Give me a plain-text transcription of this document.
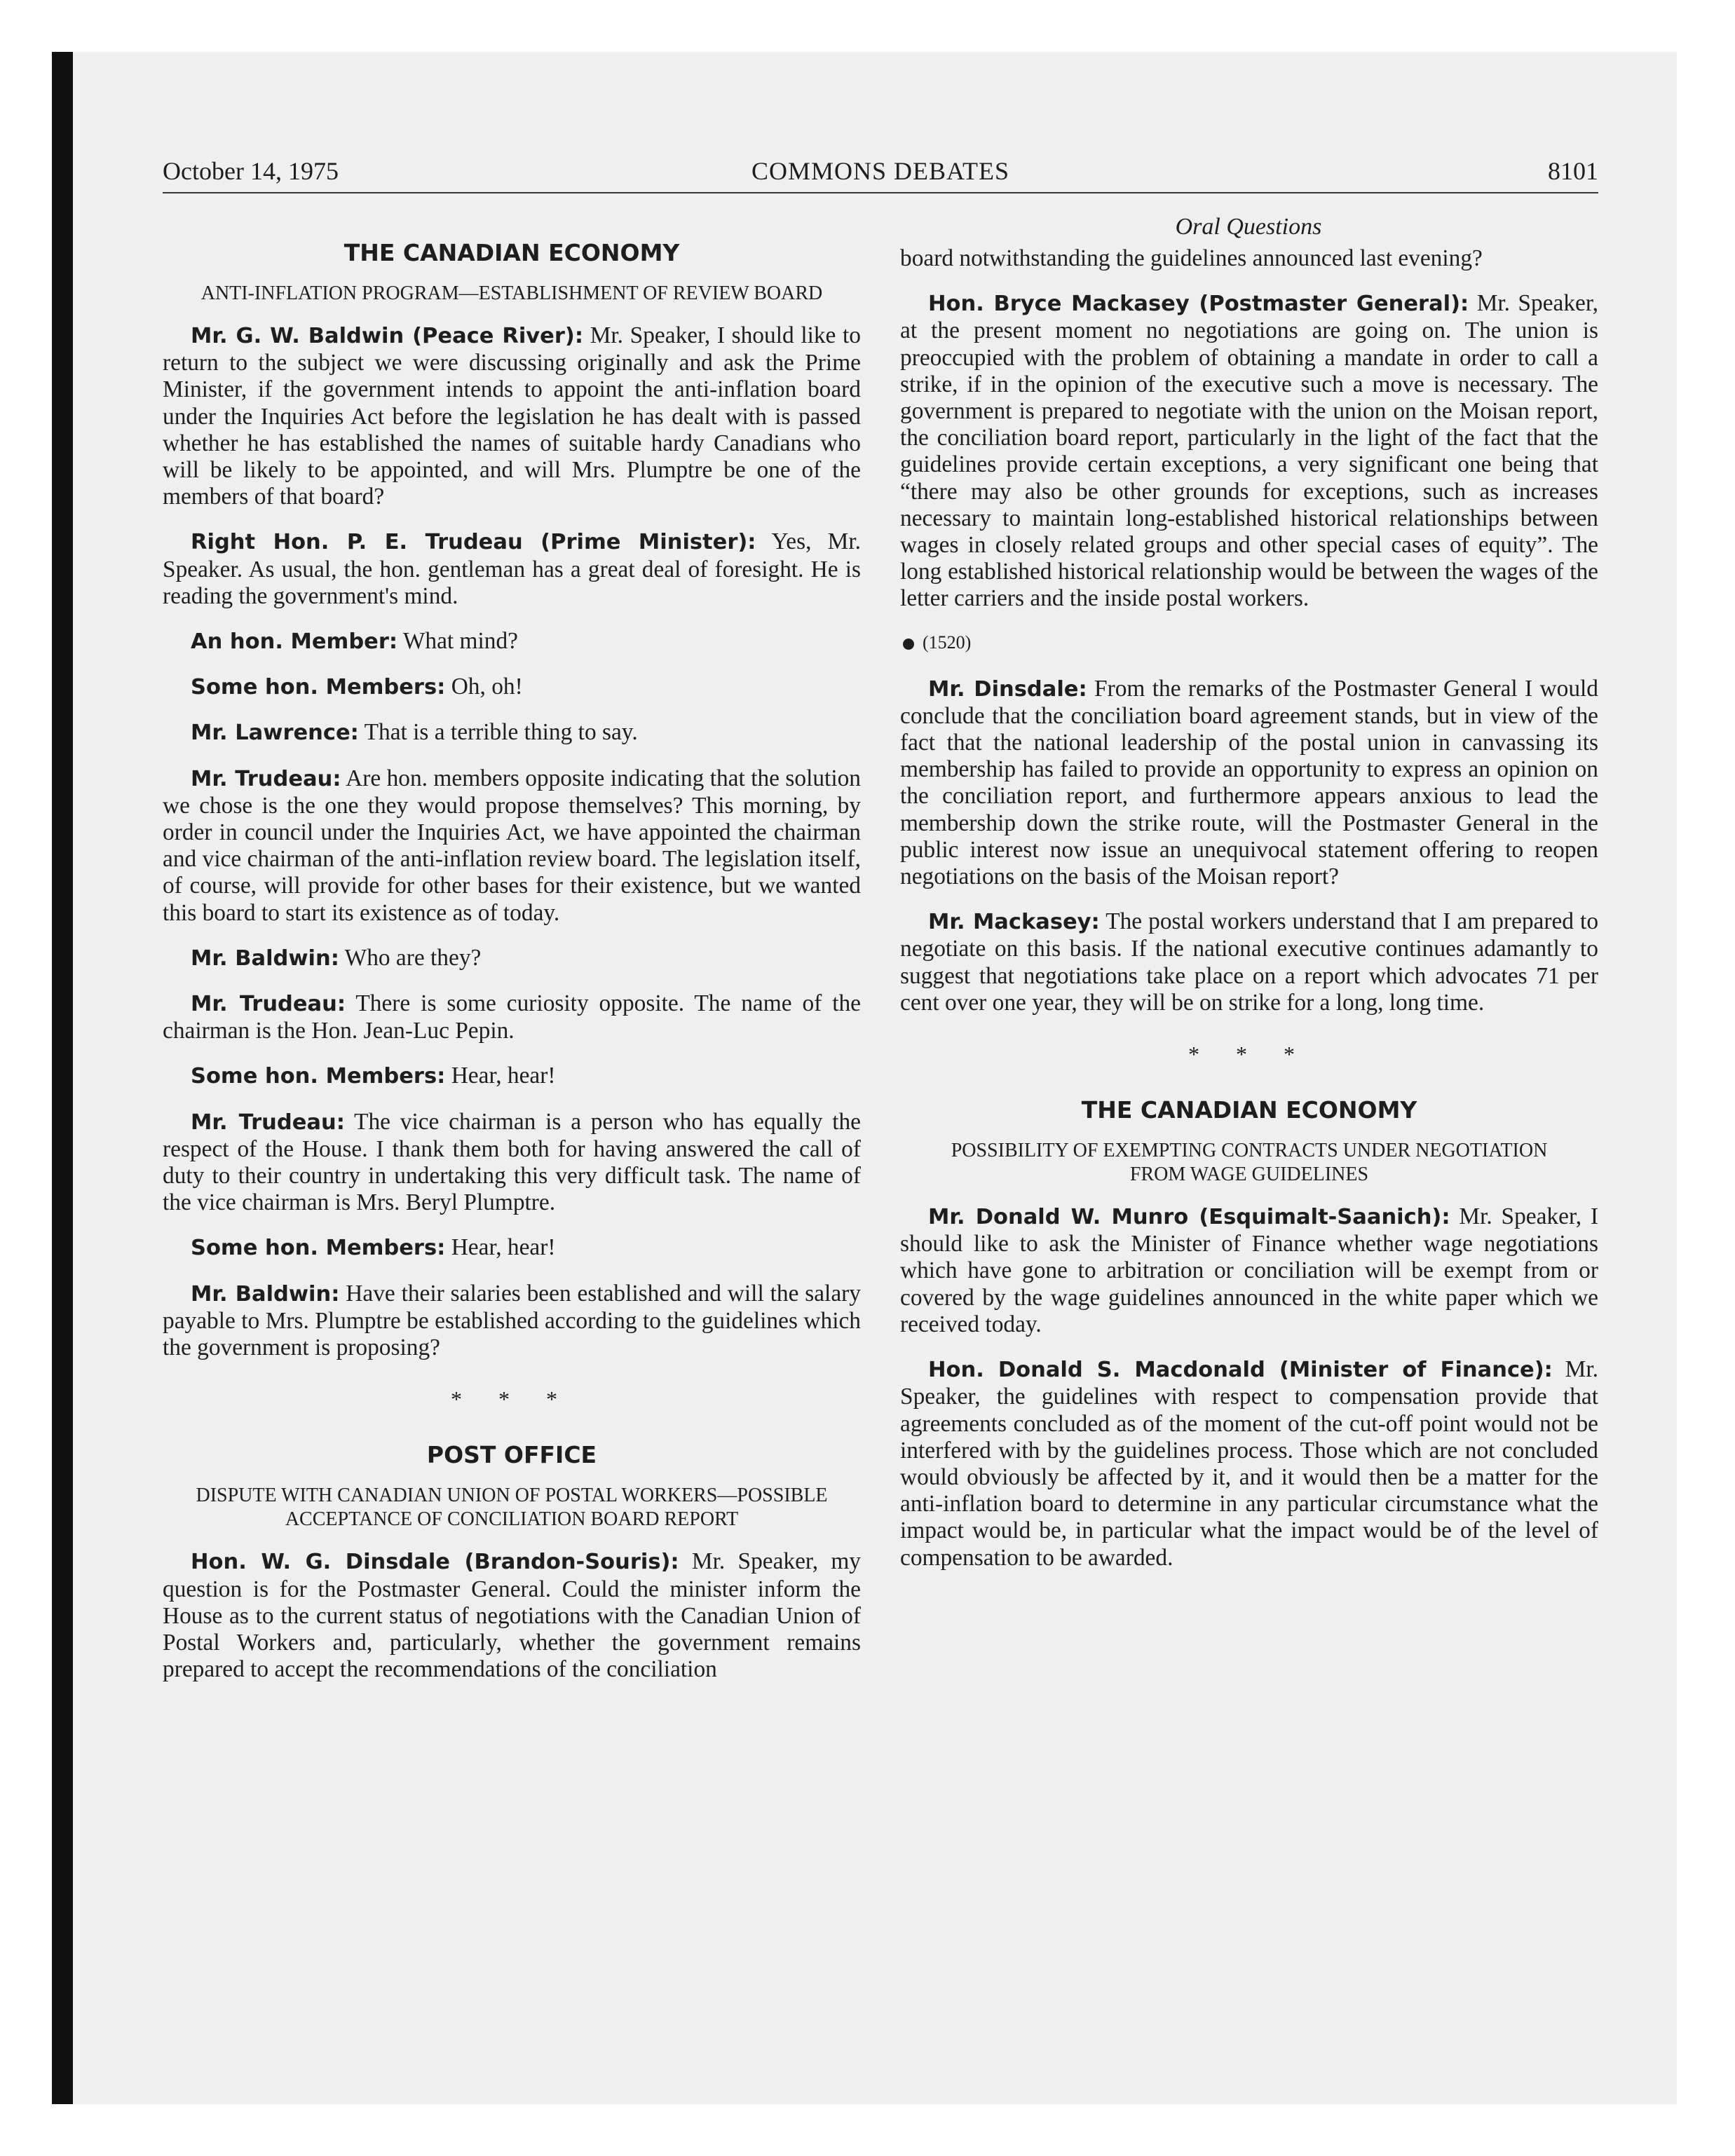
October 14, 1975	COMMONS DEBATES	8101
Oral Questions
THE CANADIAN ECONOMY
ANTI-INFLATION PROGRAM—ESTABLISHMENT OF REVIEW BOARD

Mr. G. W. Baldwin (Peace River): Mr. Speaker, I should like to return to the subject we were discussing originally and ask the Prime Minister, if the government intends to appoint the anti-inflation board under the Inquiries Act before the legislation he has dealt with is passed whether he has established the names of suitable hardy Canadians who will be likely to be appointed, and will Mrs. Plumptre be one of the members of that board?

Right Hon. P. E. Trudeau (Prime Minister): Yes, Mr. Speaker. As usual, the hon. gentleman has a great deal of foresight. He is reading the government's mind.

An hon. Member: What mind?

Some hon. Members: Oh, oh!

Mr. Lawrence: That is a terrible thing to say.

Mr. Trudeau: Are hon. members opposite indicating that the solution we chose is the one they would propose themselves? This morning, by order in council under the Inquiries Act, we have appointed the chairman and vice chairman of the anti-inflation review board. The legislation itself, of course, will provide for other bases for their existence, but we wanted this board to start its existence as of today.

Mr. Baldwin: Who are they?

Mr. Trudeau: There is some curiosity opposite. The name of the chairman is the Hon. Jean-Luc Pepin.

Some hon. Members: Hear, hear!

Mr. Trudeau: The vice chairman is a person who has equally the respect of the House. I thank them both for having answered the call of duty to their country in undertaking this very difficult task. The name of the vice chairman is Mrs. Beryl Plumptre.

Some hon. Members: Hear, hear!

Mr. Baldwin: Have their salaries been established and will the salary payable to Mrs. Plumptre be established according to the guidelines which the government is proposing?

* * *
POST OFFICE
DISPUTE WITH CANADIAN UNION OF POSTAL WORKERS—POSSIBLE ACCEPTANCE OF CONCILIATION BOARD REPORT

Hon. W. G. Dinsdale (Brandon-Souris): Mr. Speaker, my question is for the Postmaster General. Could the minister inform the House as to the current status of negotiations with the Canadian Union of Postal Workers and, particularly, whether the government remains prepared to accept the recommendations of the conciliation

board notwithstanding the guidelines announced last evening?

Hon. Bryce Mackasey (Postmaster General): Mr. Speaker, at the present moment no negotiations are going on. The union is preoccupied with the problem of obtaining a mandate in order to call a strike, if in the opinion of the executive such a move is necessary. The government is prepared to negotiate with the union on the Moisan report, the conciliation board report, particularly in the light of the fact that the guidelines provide certain exceptions, a very significant one being that “there may also be other grounds for exceptions, such as increases necessary to maintain long-established historical relationships between wages in closely related groups and other special cases of equity”. The long established historical relationship would be between the wages of the letter carriers and the inside postal workers.

(1520)

Mr. Dinsdale: From the remarks of the Postmaster General I would conclude that the conciliation board agreement stands, but in view of the fact that the national leadership of the postal union in canvassing its membership has failed to provide an opportunity to express an opinion on the conciliation report, and furthermore appears anxious to lead the membership down the strike route, will the Postmaster General in the public interest now issue an unequivocal statement offering to reopen negotiations on the basis of the Moisan report?

Mr. Mackasey: The postal workers understand that I am prepared to negotiate on this basis. If the national executive continues adamantly to suggest that negotiations take place on a report which advocates 71 per cent over one year, they will be on strike for a long, long time.

* * *
THE CANADIAN ECONOMY
POSSIBILITY OF EXEMPTING CONTRACTS UNDER NEGOTIATION FROM WAGE GUIDELINES

Mr. Donald W. Munro (Esquimalt-Saanich): Mr. Speaker, I should like to ask the Minister of Finance whether wage negotiations which have gone to arbitration or conciliation will be exempt from or covered by the wage guidelines announced in the white paper which we received today.

Hon. Donald S. Macdonald (Minister of Finance): Mr. Speaker, the guidelines with respect to compensation provide that agreements concluded as of the moment of the cut-off point would not be interfered with by the guidelines process. Those which are not concluded would obviously be affected by it, and it would then be a matter for the anti-inflation board to determine in any particular circumstance what the impact would be, in particular what the impact would be of the level of compensation to be awarded.
